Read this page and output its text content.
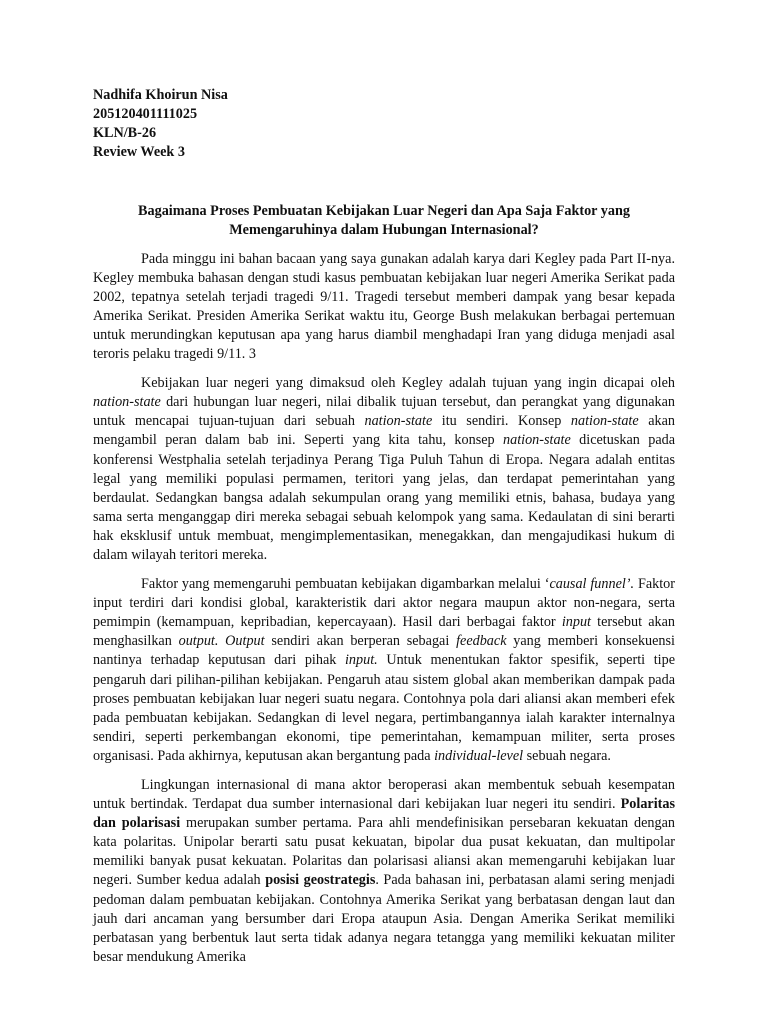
Nadhifa Khoirun Nisa

205120401111025

KLN/B-26

Review Week 3

Bagaimana Proses Pembuatan Kebijakan Luar Negeri dan Apa Saja Faktor yang
Memengaruhinya dalam Hubungan Internasional?

Pada minggu ini bahan bacaan yang saya gunakan adalah karya dari Kegley pada Part II-nya. Kegley membuka bahasan dengan studi kasus pembuatan kebijakan luar negeri Amerika Serikat pada 2002, tepatnya setelah terjadi tragedi 9/11. Tragedi tersebut memberi dampak yang besar kepada Amerika Serikat. Presiden Amerika Serikat waktu itu, George Bush melakukan berbagai pertemuan untuk merundingkan keputusan apa yang harus diambil menghadapi Iran yang diduga menjadi asal teroris pelaku tragedi 9/11. 3

Kebijakan luar negeri yang dimaksud oleh Kegley adalah tujuan yang ingin dicapai oleh nation-state dari hubungan luar negeri, nilai dibalik tujuan tersebut, dan perangkat yang digunakan untuk mencapai tujuan-tujuan dari sebuah nation-state itu sendiri. Konsep nation-state akan mengambil peran dalam bab ini. Seperti yang kita tahu, konsep nation-state dicetuskan pada konferensi Westphalia setelah terjadinya Perang Tiga Puluh Tahun di Eropa. Negara adalah entitas legal yang memiliki populasi permamen, teritori yang jelas, dan terdapat pemerintahan yang berdaulat. Sedangkan bangsa adalah sekumpulan orang yang memiliki etnis, bahasa, budaya yang sama serta menganggap diri mereka sebagai sebuah kelompok yang sama. Kedaulatan di sini berarti hak eksklusif untuk membuat, mengimplementasikan, menegakkan, dan mengajudikasi hukum di dalam wilayah teritori mereka.

Faktor yang memengaruhi pembuatan kebijakan digambarkan melalui ‘causal funnel’. Faktor input terdiri dari kondisi global, karakteristik dari aktor negara maupun aktor non-negara, serta pemimpin (kemampuan, kepribadian, kepercayaan). Hasil dari berbagai faktor input tersebut akan menghasilkan output. Output sendiri akan berperan sebagai feedback yang memberi konsekuensi nantinya terhadap keputusan dari pihak input. Untuk menentukan faktor spesifik, seperti tipe pengaruh dari pilihan-pilihan kebijakan. Pengaruh atau sistem global akan memberikan dampak pada proses pembuatan kebijakan luar negeri suatu negara. Contohnya pola dari aliansi akan memberi efek pada pembuatan kebijakan. Sedangkan di level negara, pertimbangannya ialah karakter internalnya sendiri, seperti perkembangan ekonomi, tipe pemerintahan, kemampuan militer, serta proses organisasi. Pada akhirnya, keputusan akan bergantung pada individual-level sebuah negara.

Lingkungan internasional di mana aktor beroperasi akan membentuk sebuah kesempatan untuk bertindak. Terdapat dua sumber internasional dari kebijakan luar negeri itu sendiri. Polaritas dan polarisasi merupakan sumber pertama. Para ahli mendefinisikan persebaran kekuatan dengan kata polaritas. Unipolar berarti satu pusat kekuatan, bipolar dua pusat kekuatan, dan multipolar memiliki banyak pusat kekuatan. Polaritas dan polarisasi aliansi akan memengaruhi kebijakan luar negeri. Sumber kedua adalah posisi geostrategis. Pada bahasan ini, perbatasan alami sering menjadi pedoman dalam pembuatan kebijakan. Contohnya Amerika Serikat yang berbatasan dengan laut dan jauh dari ancaman yang bersumber dari Eropa ataupun Asia. Dengan Amerika Serikat memiliki perbatasan yang berbentuk laut serta tidak adanya negara tetangga yang memiliki kekuatan militer besar mendukung Amerika
